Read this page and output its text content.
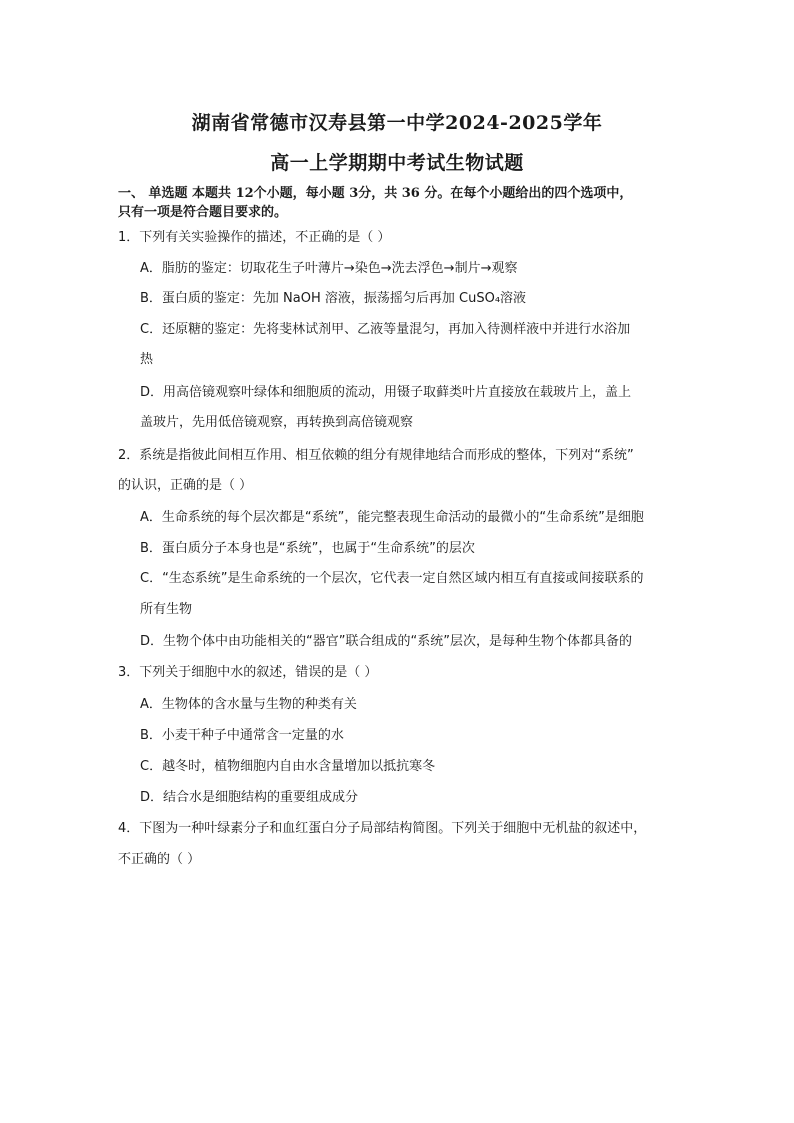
湖南省常德市汉寿县第一中学2024-2025学年
高一上学期期中考试生物试题
一、 单选题 本题共 12个小题，每小题 3分，共 36 分。在每个小题给出的四个选项中，
只有一项是符合题目要求的。
1．下列有关实验操作的描述，不正确的是（ ）
A．脂肪的鉴定：切取花生子叶薄片→染色→洗去浮色→制片→观察
B．蛋白质的鉴定：先加 NaOH 溶液，振荡摇匀后再加 CuSO₄溶液
C．还原糖的鉴定：先将斐林试剂甲、乙液等量混匀，再加入待测样液中并进行水浴加
热
D．用高倍镜观察叶绿体和细胞质的流动，用镊子取藓类叶片直接放在载玻片上，盖上
盖玻片，先用低倍镜观察，再转换到高倍镜观察
2．系统是指彼此间相互作用、相互依赖的组分有规律地结合而形成的整体，下列对“系统”
的认识，正确的是（ ）
A．生命系统的每个层次都是“系统”，能完整表现生命活动的最微小的“生命系统”是细胞
B．蛋白质分子本身也是“系统”，也属于“生命系统”的层次
C．“生态系统”是生命系统的一个层次，它代表一定自然区域内相互有直接或间接联系的
所有生物
D．生物个体中由功能相关的“器官”联合组成的“系统”层次，是每种生物个体都具备的
3．下列关于细胞中水的叙述，错误的是（ ）
A．生物体的含水量与生物的种类有关
B．小麦干种子中通常含一定量的水
C．越冬时，植物细胞内自由水含量增加以抵抗寒冬
D．结合水是细胞结构的重要组成成分
4．下图为一种叶绿素分子和血红蛋白分子局部结构简图。下列关于细胞中无机盐的叙述中，
不正确的（ ）
